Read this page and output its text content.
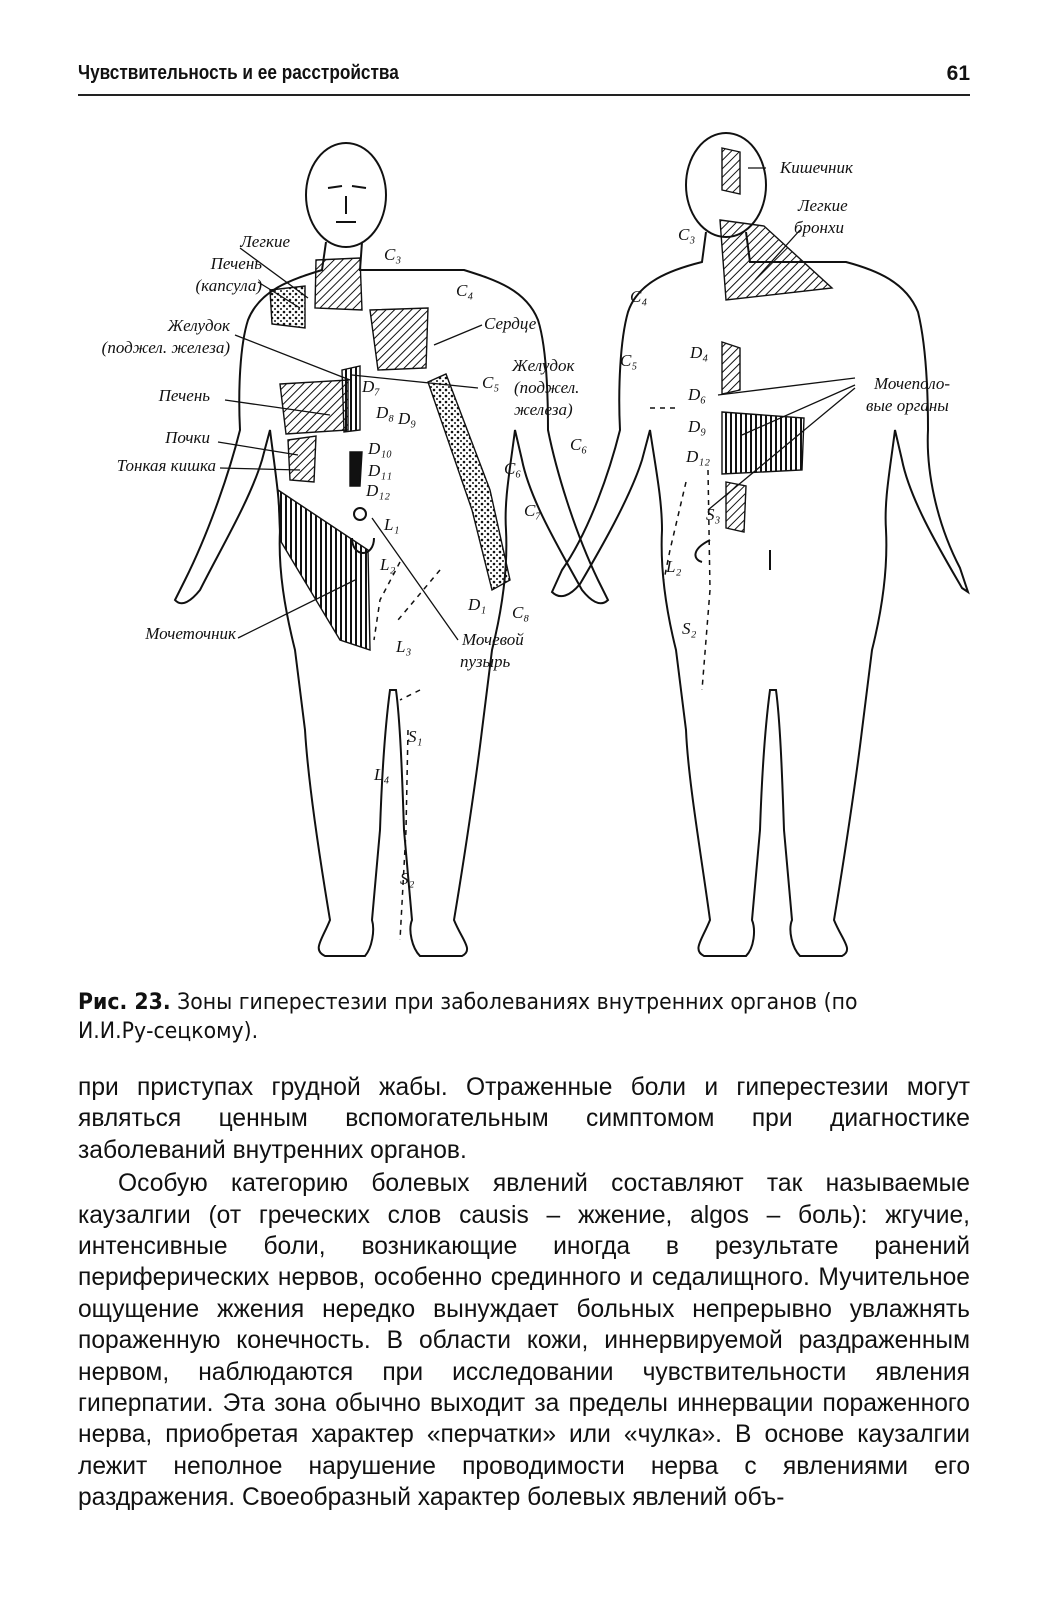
Чувствительность и ее расстройства	61
Легкие
Печень
(капсула)
Желудок
(поджел. железа)
Печень
Почки
Тонкая кишка
Мочеточник
Сердце
Желудок
(поджел.
железа)
Мочевой
пузырь
Кишечник
Легкие
бронхи
Мочеполо-
вые органы
C₃
C₄
C₅
C₆
C₇
C₈
D₁
D₇
D₈ D₉
D₁₀
D₁₁
D₁₂
L₁
L₂
L₃
L₄
S₁
S₂
C₃
C₄
C₅
C₆
D₄
D₆
D₉
D₁₂
L₂
S₂
S₃
Рис. 23. Зоны гиперестезии при заболеваниях внутренних органов (по И.И.Ру-сецкому).

при приступах грудной жабы. Отраженные боли и гиперестезии могут являться ценным вспомогательным симптомом при диагностике заболеваний внутренних органов.

Особую категорию болевых явлений составляют так называемые каузалгии (от греческих слов causis – жжение, algos – боль): жгучие, интенсивные боли, возникающие иногда в результате ранений периферических нервов, особенно срединного и седалищного. Мучительное ощущение жжения нередко вынуждает больных непрерывно увлажнять пораженную конечность. В области кожи, иннервируемой раздраженным нервом, наблюдаются при исследовании чувствительности явления гиперпатии. Эта зона обычно выходит за пределы иннервации пораженного нерва, приобретая характер «перчатки» или «чулка». В основе каузалгии лежит неполное нарушение проводимости нерва с явлениями его раздражения. Своеобразный характер болевых явлений объ-
